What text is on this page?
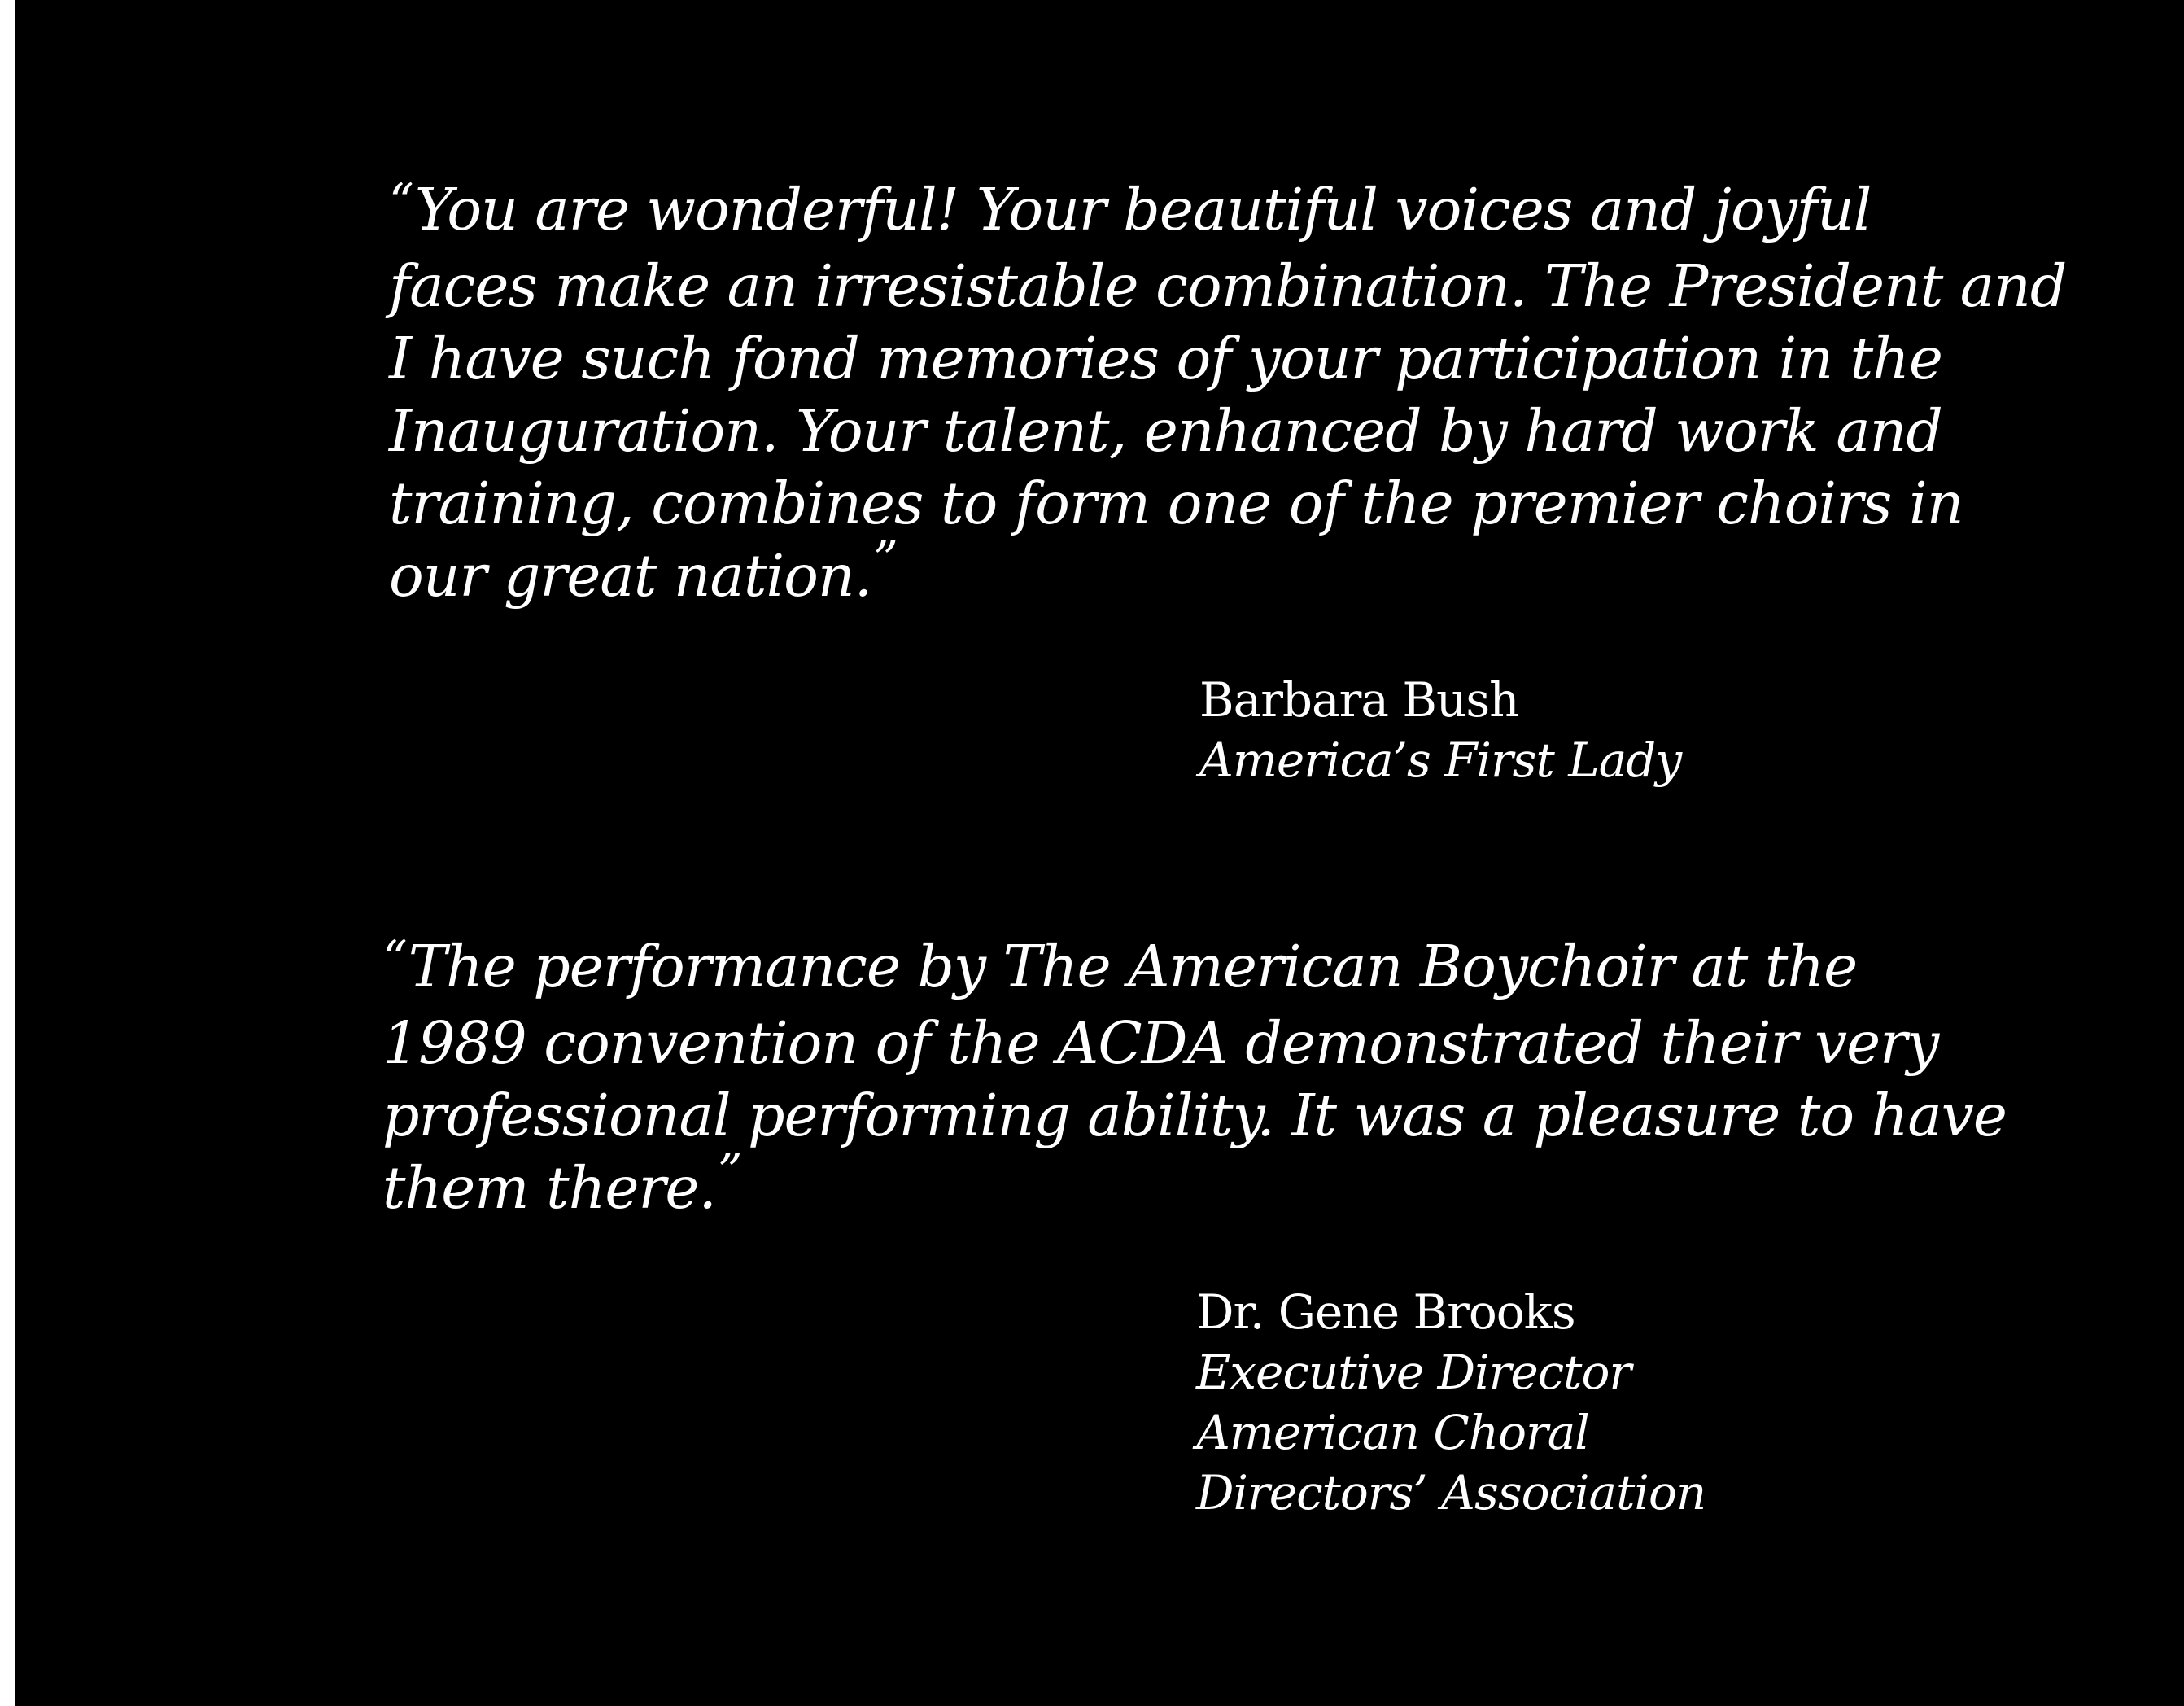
“You are wonderful! Your beautiful voices and joyful
faces make an irresistable combination. The President and
I have such fond memories of your participation in the
Inauguration. Your talent, enhanced by hard work and
training, combines to form one of the premier choirs in
our great nation.”

Barbara Bush
America’s First Lady

“The performance by The American Boychoir at the
1989 convention of the ACDA demonstrated their very
professional performing ability. It was a pleasure to have
them there.”

Dr. Gene Brooks
Executive Director
American Choral
Directors’ Association
